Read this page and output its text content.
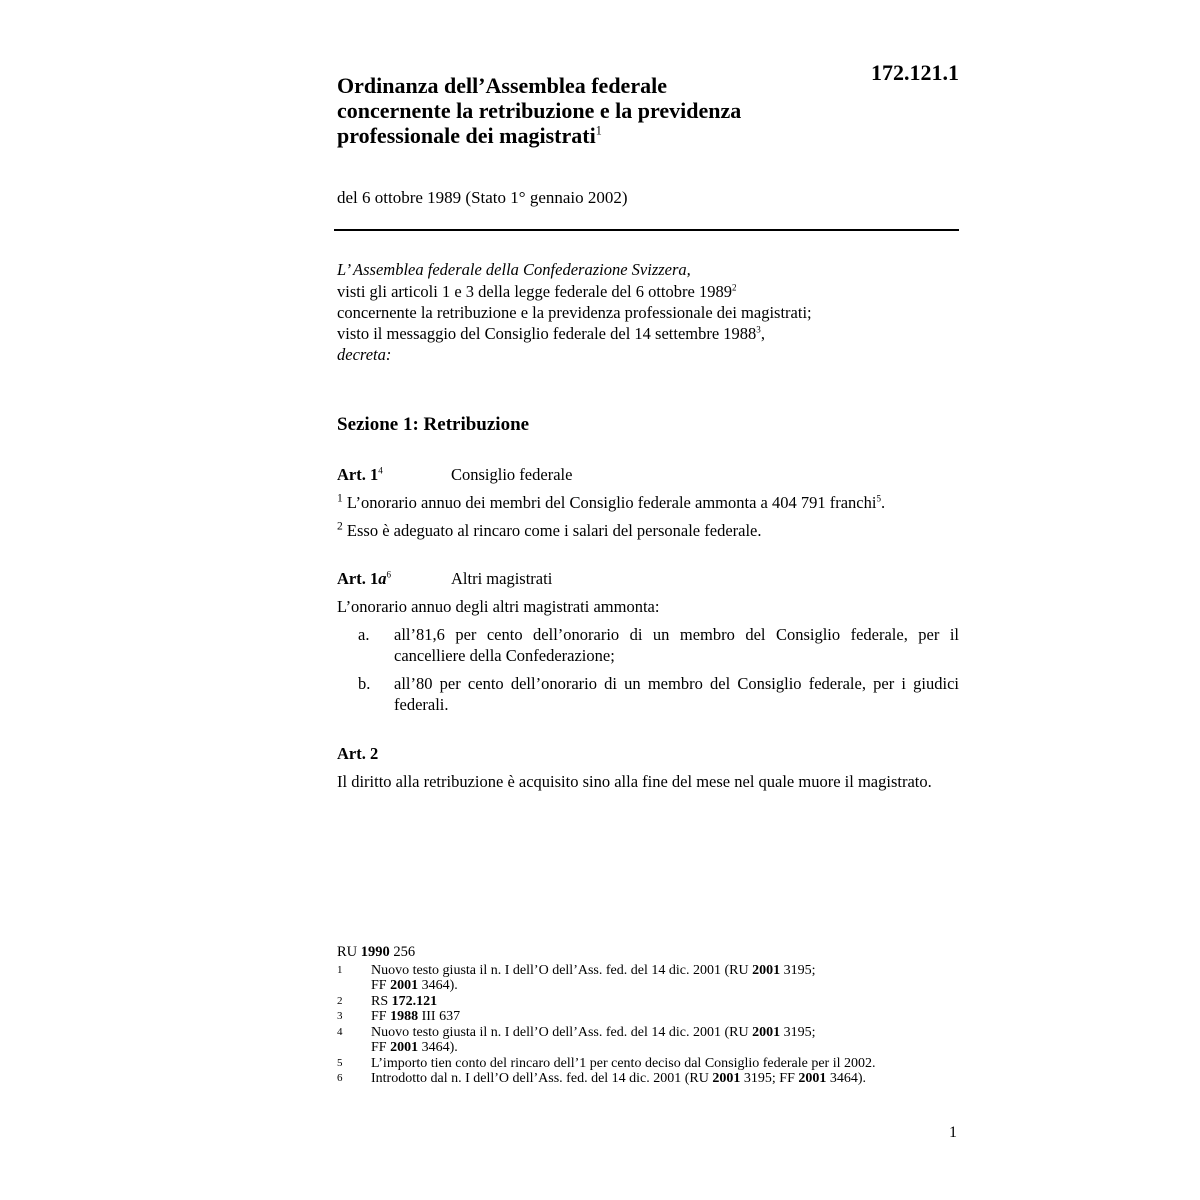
172.121.1
Ordinanza dell’Assemblea federale
concernente la retribuzione e la previdenza
professionale dei magistrati$^1$
del 6 ottobre 1989 (Stato 1° gennaio 2002)
L’ Assemblea federale della Confederazione Svizzera,
visti gli articoli 1 e 3 della legge federale del 6 ottobre 1989$^2$
concernente la retribuzione e la previdenza professionale dei magistrati;
visto il messaggio del Consiglio federale del 14 settembre 1988$^3$,
decreta:
Sezione 1: Retribuzione
Art. $1^4$	Consiglio federale
$^1$ L’onorario annuo dei membri del Consiglio federale ammonta a 404 791 franchi$^5$.
$^2$ Esso è adeguato al rincaro come i salari del personale federale.
Art. $1a^6$	Altri magistrati
L’onorario annuo degli altri magistrati ammonta:
a.	all’81,6 per cento dell’onorario di un membro del Consiglio federale, per il cancelliere della Confederazione;
b.	all’80 per cento dell’onorario di un membro del Consiglio federale, per i giudici federali.
Art. 2
Il diritto alla retribuzione è acquisito sino alla fine del mese nel quale muore il magistrato.
RU 1990 256
1	Nuovo testo giusta il n. I dell’O dell’Ass. fed. del 14 dic. 2001 (RU 2001 3195;
FF 2001 3464).
2	RS 172.121
3	FF 1988 III 637
4	Nuovo testo giusta il n. I dell’O dell’Ass. fed. del 14 dic. 2001 (RU 2001 3195;
FF 2001 3464).
5	L’importo tien conto del rincaro dell’1 per cento deciso dal Consiglio federale per il 2002.
6	Introdotto dal n. I dell’O dell’Ass. fed. del 14 dic. 2001 (RU 2001 3195; FF 2001 3464).
1
